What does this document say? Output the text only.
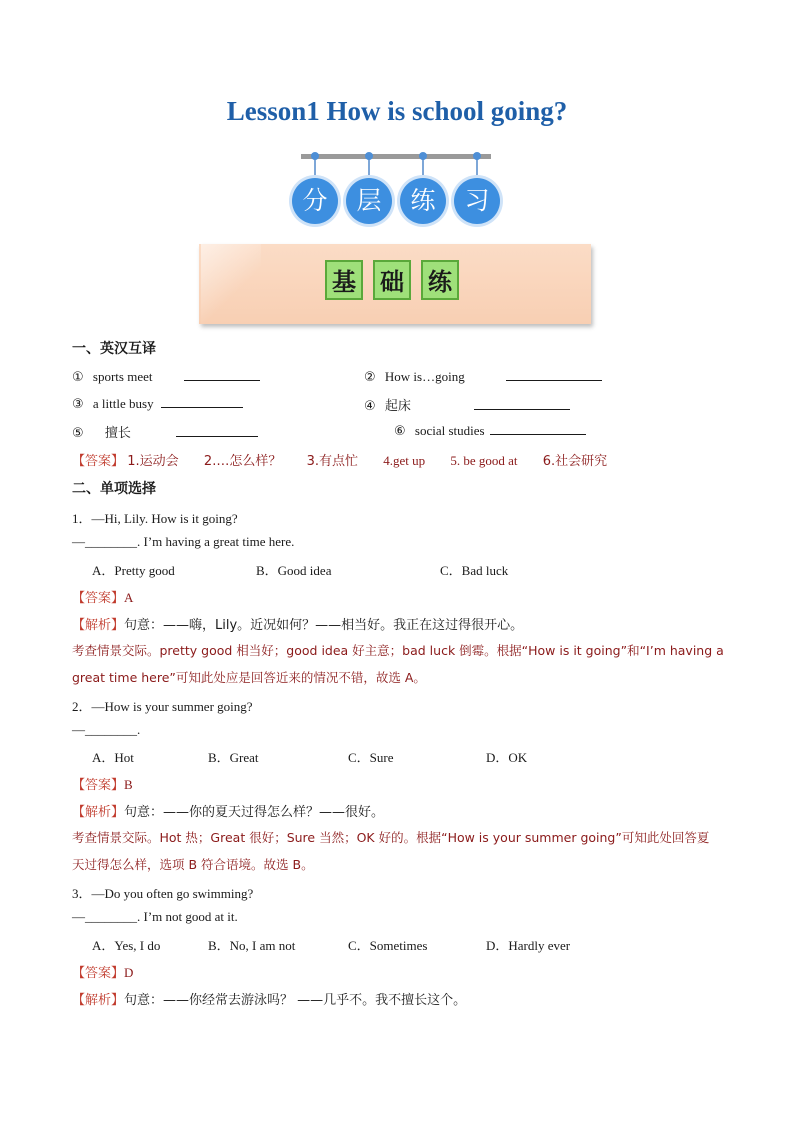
Lesson1 How is school going?
分	层	练	习
基 础 练
一、英汉互译
① sports meet	② How is…going
③ a little busy	④ 起床
⑤ 擅长	⑥ social studies
【答案】 1.运动会 2.…怎么样？ 3.有点忙 4.get up 5. be good at 6.社会研究
二、单项选择
1．—Hi, Lily. How is it going?
—________. I’m having a great time here.
A．Pretty good	B．Good idea	C．Bad luck
【答案】A
【解析】句意：——嗨，Lily。近况如何？——相当好。我正在这过得很开心。
考查情景交际。pretty good 相当好；good idea 好主意；bad luck 倒霉。根据“How is it going”和“I’m having a
great time here”可知此处应是回答近来的情况不错，故选 A。
2．—How is your summer going?
—________.
A．Hot	B．Great	C．Sure	D．OK
【答案】B
【解析】句意：——你的夏天过得怎么样？——很好。
考查情景交际。Hot 热；Great 很好；Sure 当然；OK 好的。根据“How is your summer going”可知此处回答夏
天过得怎么样，选项 B 符合语境。故选 B。
3．—Do you often go swimming?
—________. I’m not good at it.
A．Yes, I do	B．No, I am not	C．Sometimes	D．Hardly ever
【答案】D
【解析】句意：——你经常去游泳吗？ ——几乎不。我不擅长这个。
